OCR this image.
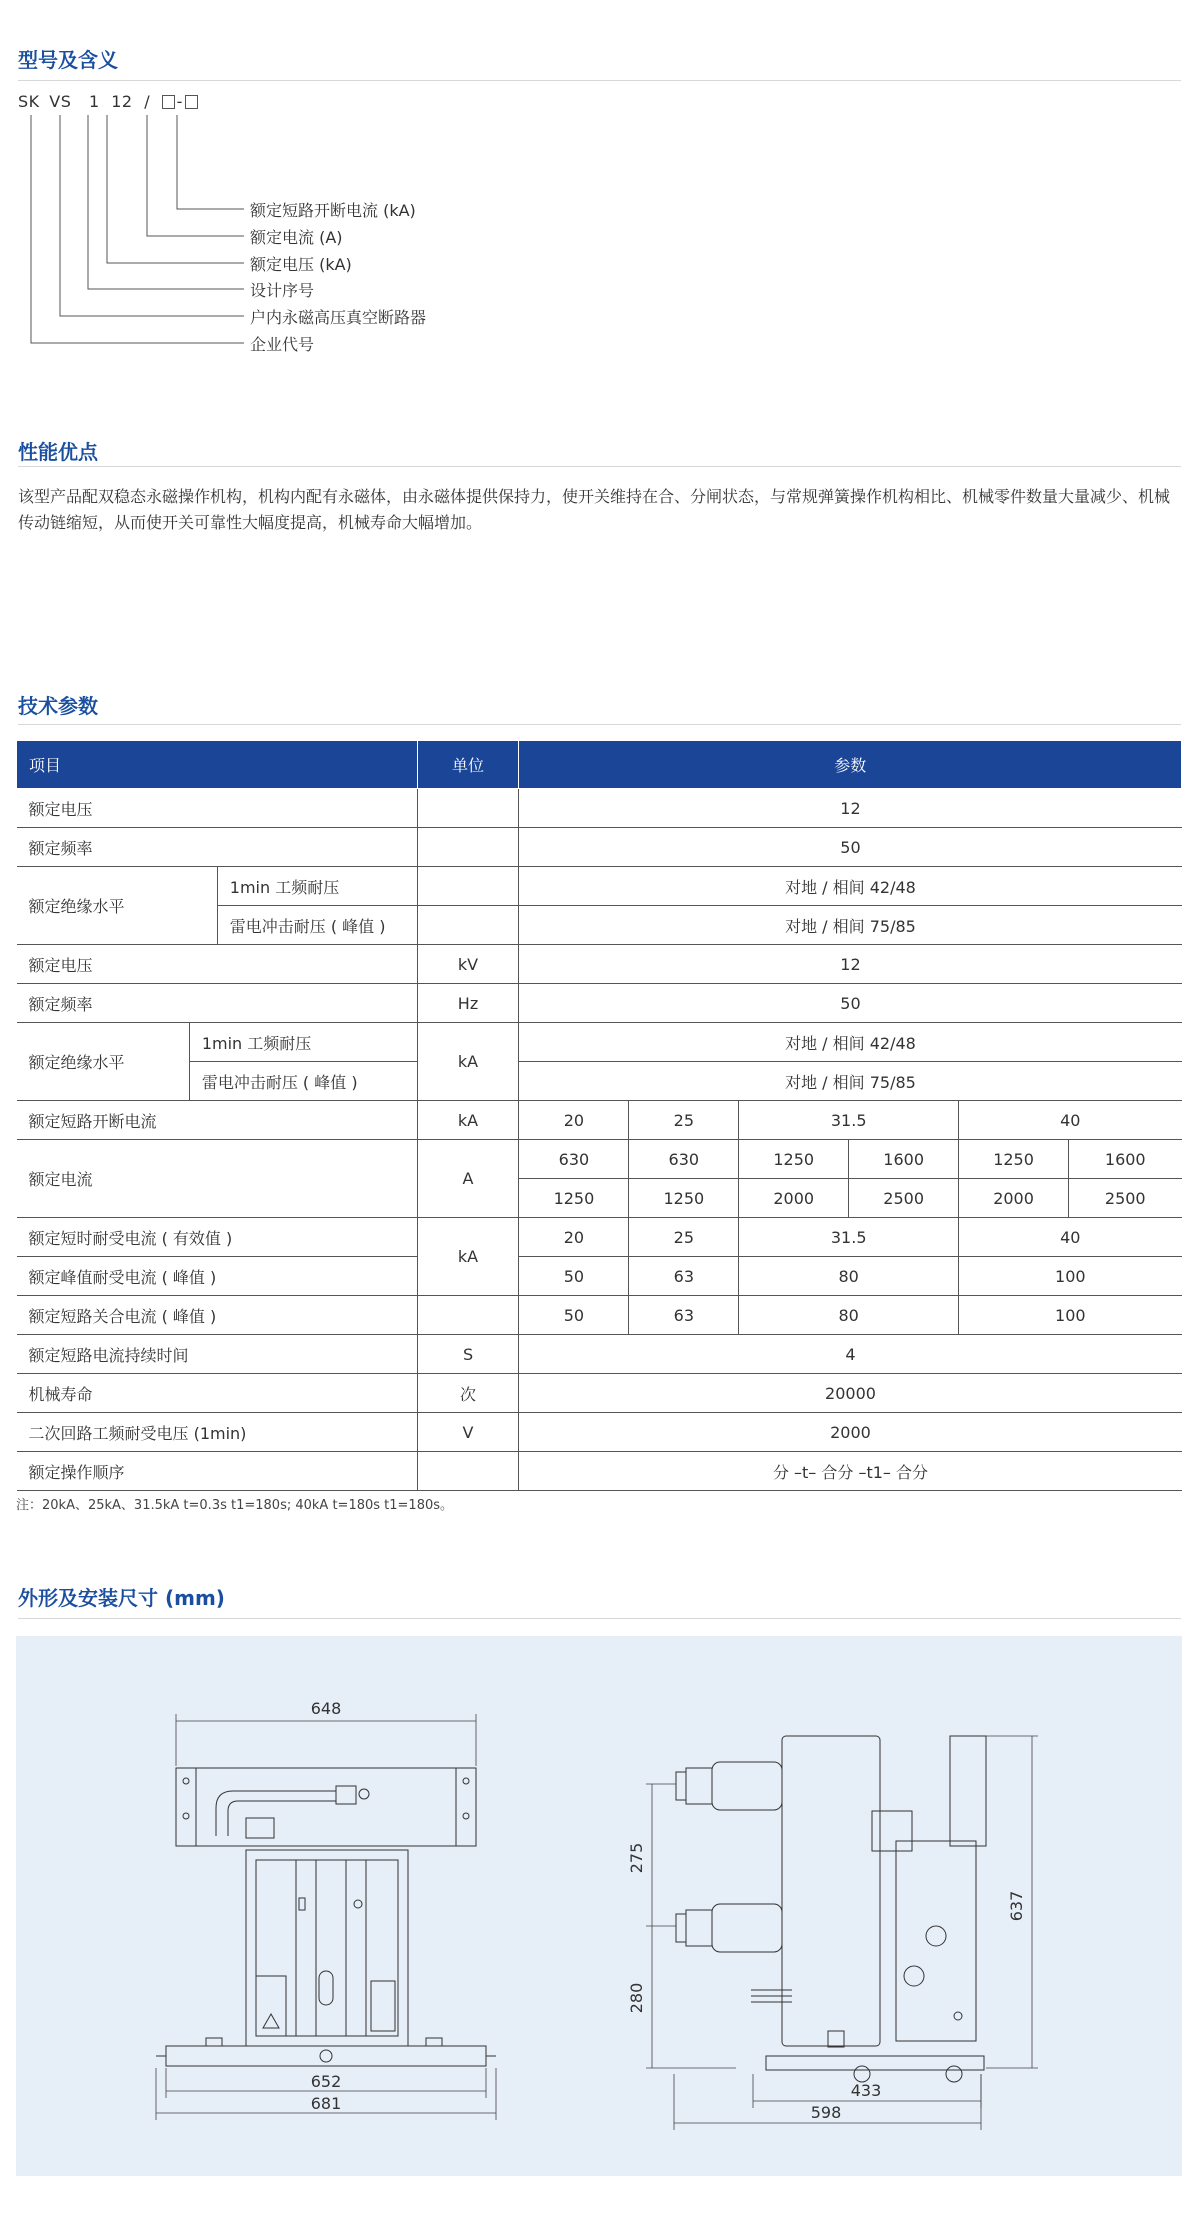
型号及含义
SK VS 1 12 / -
额定短路开断电流 (kA)
额定电流 (A)
额定电压 (kA)
设计序号
户内永磁高压真空断路器
企业代号
性能优点
该型产品配双稳态永磁操作机构，机构内配有永磁体，由永磁体提供保持力，使开关维持在合、分闸状态，与常规弹簧操作机构相比、机械零件数量大量减少、机械传动链缩短，从而使开关可靠性大幅度提高，机械寿命大幅增加。
技术参数
项目			单位	参数					
额定电压				12					
额定频率				50					
额定绝缘水平		1min 工频耐压		对地 / 相间 42/48					
		雷电冲击耐压 ( 峰值 )		对地 / 相间 75/85					
额定电压			kV	12					
额定频率			Hz	50					
额定绝缘水平	1min 工频耐压		kA	对地 / 相间 42/48					
	雷电冲击耐压 ( 峰值 )			对地 / 相间 75/85					
额定短路开断电流			kA	20	25	31.5		40	
额定电流			A	630	630	1250	1600	1250	1600
				1250	1250	2000	2500	2000	2500
额定短时耐受电流 ( 有效值 )			kA	20	25	31.5		40	
额定峰值耐受电流 ( 峰值 )				50	63	80		100	
额定短路关合电流 ( 峰值 )				50	63	80		100	
额定短路电流持续时间			S	4					
机械寿命			次	20000					
二次回路工频耐受电压 (1min)			V	2000					
额定操作顺序				分 –t– 合分 –t1– 合分					
注：20kA、25kA、31.5kA t=0.3s t1=180s; 40kA t=180s t1=180s。
外形及安装尺寸 (mm)
648
652
681
275
280
637
433
598
